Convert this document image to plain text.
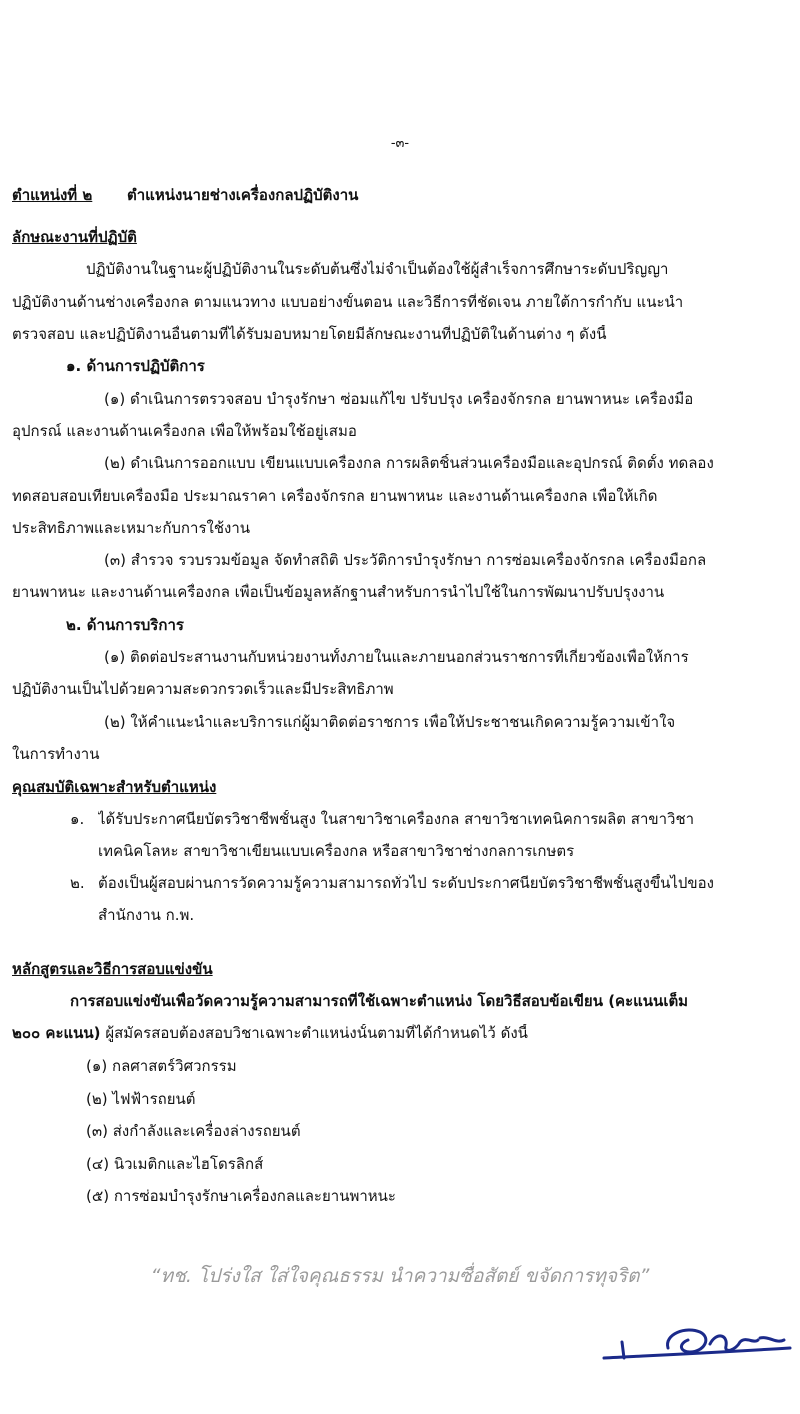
-๓-
ตำแหน่งที่ ๒ ตำแหน่งนายช่างเครื่องกลปฏิบัติงาน
ลักษณะงานที่ปฏิบัติ
ปฏิบัติงานในฐานะผู้ปฏิบัติงานในระดับต้นซึ่งไม่จำเป็นต้องใช้ผู้สำเร็จการศึกษาระดับปริญญา
ปฏิบัติงานด้านช่างเครื่องกล ตามแนวทาง แบบอย่างขั้นตอน และวิธีการที่ชัดเจน ภายใต้การกำกับ แนะนำ
ตรวจสอบ และปฏิบัติงานอื่นตามที่ได้รับมอบหมายโดยมีลักษณะงานที่ปฏิบัติในด้านต่าง ๆ ดังนี้
๑. ด้านการปฏิบัติการ
(๑) ดำเนินการตรวจสอบ บำรุงรักษา ซ่อมแก้ไข ปรับปรุง เครื่องจักรกล ยานพาหนะ เครื่องมือ
อุปกรณ์ และงานด้านเครื่องกล เพื่อให้พร้อมใช้อยู่เสมอ
(๒) ดำเนินการออกแบบ เขียนแบบเครื่องกล การผลิตชิ้นส่วนเครื่องมือและอุปกรณ์ ติดตั้ง ทดลอง
ทดสอบสอบเทียบเครื่องมือ ประมาณราคา เครื่องจักรกล ยานพาหนะ และงานด้านเครื่องกล เพื่อให้เกิด
ประสิทธิภาพและเหมาะกับการใช้งาน
(๓) สำรวจ รวบรวมข้อมูล จัดทำสถิติ ประวัติการบำรุงรักษา การซ่อมเครื่องจักรกล เครื่องมือกล
ยานพาหนะ และงานด้านเครื่องกล เพื่อเป็นข้อมูลหลักฐานสำหรับการนำไปใช้ในการพัฒนาปรับปรุงงาน
๒. ด้านการบริการ
(๑) ติดต่อประสานงานกับหน่วยงานทั้งภายในและภายนอกส่วนราชการที่เกี่ยวข้องเพื่อให้การ
ปฏิบัติงานเป็นไปด้วยความสะดวกรวดเร็วและมีประสิทธิภาพ
(๒) ให้คำแนะนำและบริการแก่ผู้มาติดต่อราชการ เพื่อให้ประชาชนเกิดความรู้ความเข้าใจ
ในการทำงาน
คุณสมบัติเฉพาะสำหรับตำแหน่ง
๑. ได้รับประกาศนียบัตรวิชาชีพชั้นสูง ในสาขาวิชาเครื่องกล สาขาวิชาเทคนิคการผลิต สาขาวิชา
เทคนิคโลหะ สาขาวิชาเขียนแบบเครื่องกล หรือสาขาวิชาช่างกลการเกษตร
๒. ต้องเป็นผู้สอบผ่านการวัดความรู้ความสามารถทั่วไป ระดับประกาศนียบัตรวิชาชีพชั้นสูงขึ้นไปของ
สำนักงาน ก.พ.
หลักสูตรและวิธีการสอบแข่งขัน
การสอบแข่งขันเพื่อวัดความรู้ความสามารถที่ใช้เฉพาะตำแหน่ง โดยวิธีสอบข้อเขียน (คะแนนเต็ม
๒๐๐ คะแนน) ผู้สมัครสอบต้องสอบวิชาเฉพาะตำแหน่งนั้นตามที่ได้กำหนดไว้ ดังนี้
(๑) กลศาสตร์วิศวกรรม
(๒) ไฟฟ้ารถยนต์
(๓) ส่งกำลังและเครื่องล่างรถยนต์
(๔) นิวเมติกและไฮโดรลิกส์
(๕) การซ่อมบำรุงรักษาเครื่องกลและยานพาหนะ
“ทช. โปร่งใส ใส่ใจคุณธรรม นำความซื่อสัตย์ ขจัดการทุจริต”
